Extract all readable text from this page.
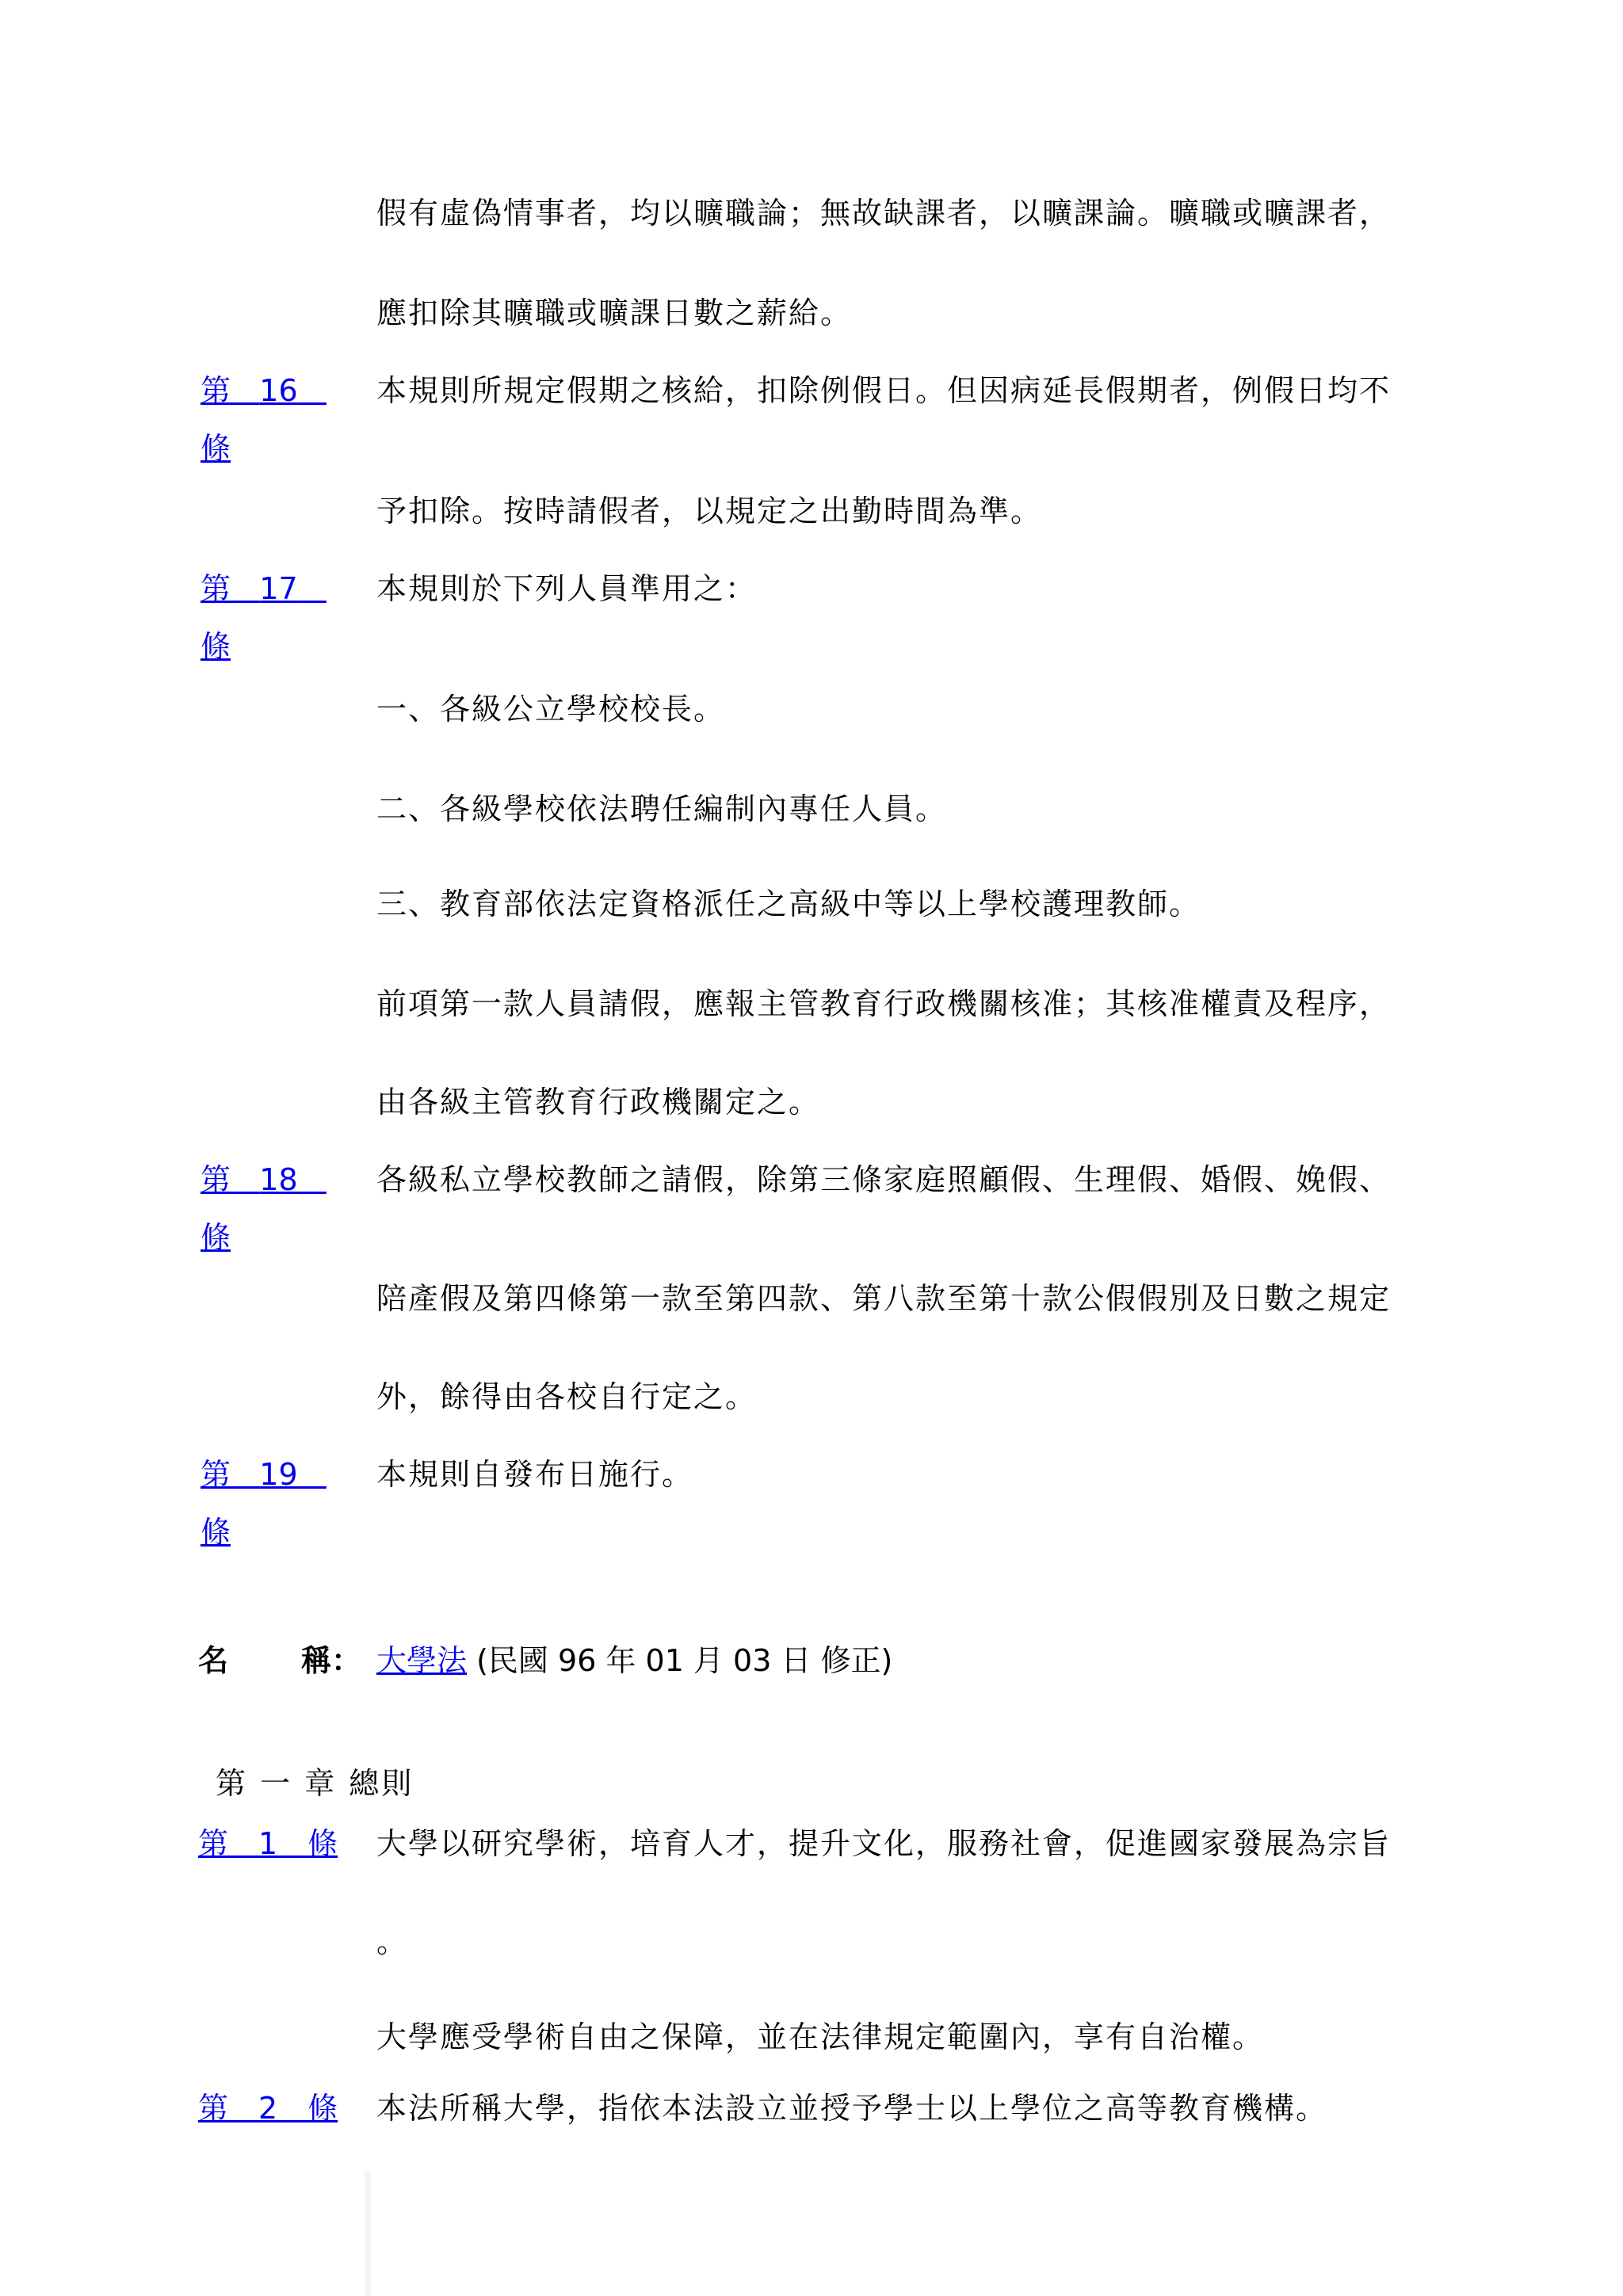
假有虛偽情事者，均以曠職論；無故缺課者，以曠課論。曠職或曠課者，
應扣除其曠職或曠課日數之薪給。
第 16
條
本規則所規定假期之核給，扣除例假日。但因病延長假期者，例假日均不
予扣除。按時請假者，以規定之出勤時間為準。
第 17
條
本規則於下列人員準用之：
一、各級公立學校校長。
二、各級學校依法聘任編制內專任人員。
三、教育部依法定資格派任之高級中等以上學校護理教師。
前項第一款人員請假，應報主管教育行政機關核准；其核准權責及程序，
由各級主管教育行政機關定之。
第 18
條
各級私立學校教師之請假，除第三條家庭照顧假、生理假、婚假、娩假、
陪產假及第四條第一款至第四款、第八款至第十款公假假別及日數之規定
外，餘得由各校自行定之。
第 19
條
本規則自發布日施行。
名 稱： 大學法 (民國 96 年 01 月 03 日 修正)
第 一 章 總則
第　1　條 大學以研究學術，培育人才，提升文化，服務社會，促進國家發展為宗旨
。
大學應受學術自由之保障，並在法律規定範圍內，享有自治權。
第　2　條 本法所稱大學，指依本法設立並授予學士以上學位之高等教育機構。
